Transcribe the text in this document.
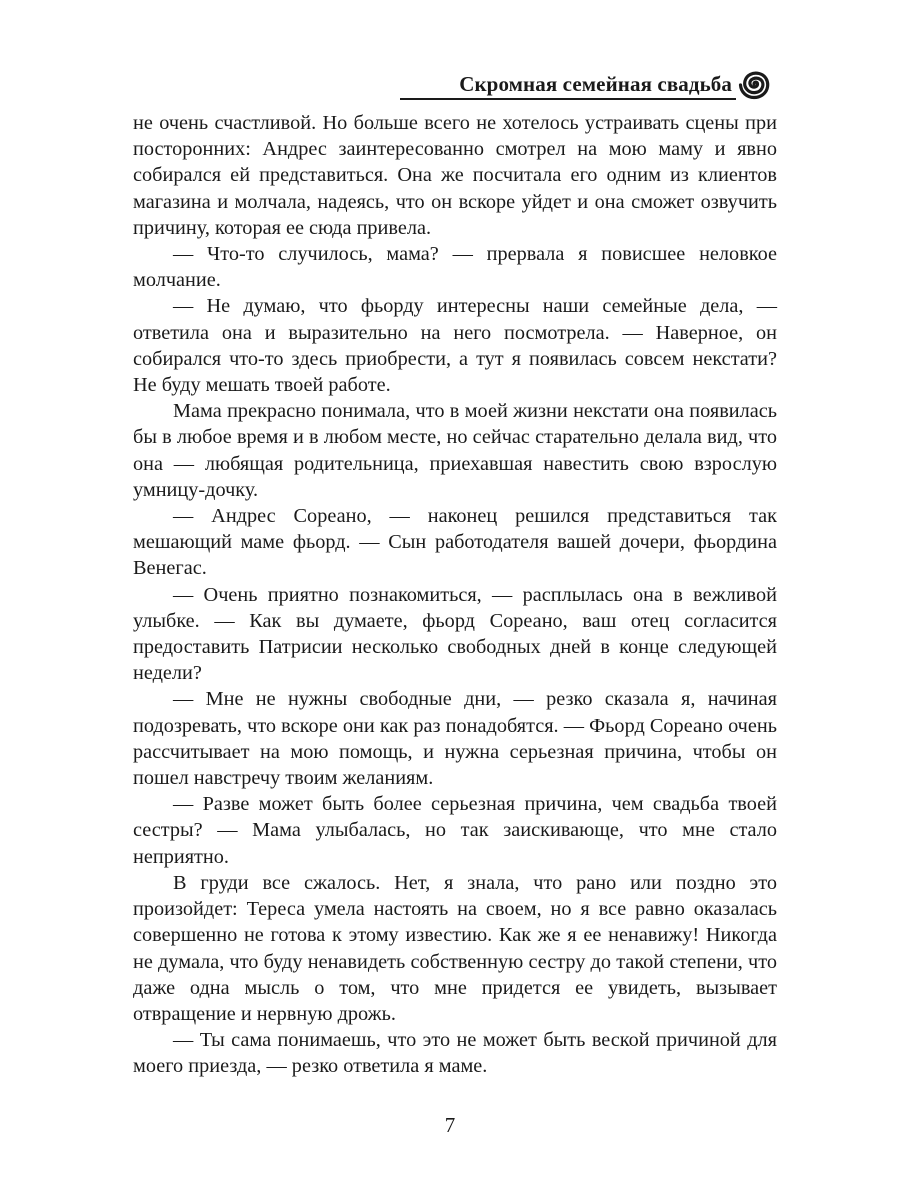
Скромная семейная свадьба

не очень счастливой. Но больше всего не хотелось устраивать сцены при посторонних: Андрес заинтересованно смотрел на мою маму и явно собирался ей представиться. Она же посчитала его одним из клиентов магазина и молчала, надеясь, что он вскоре уйдет и она сможет озвучить причину, которая ее сюда привела.

— Что-то случилось, мама? — прервала я повисшее неловкое молчание.

— Не думаю, что фьорду интересны наши семейные дела, — ответила она и выразительно на него посмотрела. — Наверное, он собирался что-то здесь приобрести, а тут я появилась совсем некстати? Не буду мешать твоей работе.

Мама прекрасно понимала, что в моей жизни некстати она появилась бы в любое время и в любом месте, но сейчас старательно делала вид, что она — любящая родительница, приехавшая навестить свою взрослую умницу-дочку.

— Андрес Сореано, — наконец решился представиться так мешающий маме фьорд. — Сын работодателя вашей дочери, фьордина Венегас.

— Очень приятно познакомиться, — расплылась она в вежливой улыбке. — Как вы думаете, фьорд Сореано, ваш отец согласится предоставить Патрисии несколько свободных дней в конце следующей недели?

— Мне не нужны свободные дни, — резко сказала я, начиная подозревать, что вскоре они как раз понадобятся. — Фьорд Сореано очень рассчитывает на мою помощь, и нужна серьезная причина, чтобы он пошел навстречу твоим желаниям.

— Разве может быть более серьезная причина, чем свадьба твоей сестры? — Мама улыбалась, но так заискивающе, что мне стало неприятно.

В груди все сжалось. Нет, я знала, что рано или поздно это произойдет: Тереса умела настоять на своем, но я все равно оказалась совершенно не готова к этому известию. Как же я ее ненавижу! Никогда не думала, что буду ненавидеть собственную сестру до такой степени, что даже одна мысль о том, что мне придется ее увидеть, вызывает отвращение и нервную дрожь.

— Ты сама понимаешь, что это не может быть веской причиной для моего приезда, — резко ответила я маме.

7
